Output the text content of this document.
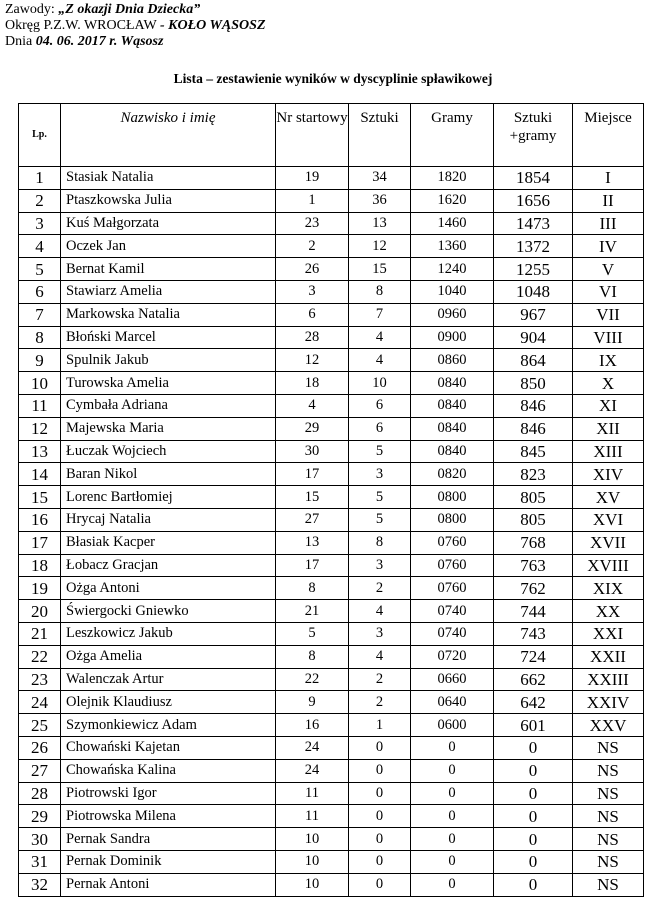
Zawody: „Z okazji Dnia Dziecka”
Okręg P.Z.W. WROCŁAW - KOŁO WĄSOSZ
Dnia 04. 06. 2017 r. Wąsosz
Lista – zestawienie wyników w dyscyplinie spławikowej
Lp.	Nazwisko i imię	Nr startowy	Sztuki	Gramy	Sztuki +gramy	Miejsce
1	Stasiak Natalia	19	34	1820	1854	I
2	Ptaszkowska Julia	1	36	1620	1656	II
3	Kuś Małgorzata	23	13	1460	1473	III
4	Oczek Jan	2	12	1360	1372	IV
5	Bernat Kamil	26	15	1240	1255	V
6	Stawiarz Amelia	3	8	1040	1048	VI
7	Markowska Natalia	6	7	0960	967	VII
8	Błoński Marcel	28	4	0900	904	VIII
9	Spulnik Jakub	12	4	0860	864	IX
10	Turowska Amelia	18	10	0840	850	X
11	Cymbała Adriana	4	6	0840	846	XI
12	Majewska Maria	29	6	0840	846	XII
13	Łuczak Wojciech	30	5	0840	845	XIII
14	Baran Nikol	17	3	0820	823	XIV
15	Lorenc Bartłomiej	15	5	0800	805	XV
16	Hrycaj Natalia	27	5	0800	805	XVI
17	Błasiak Kacper	13	8	0760	768	XVII
18	Łobacz Gracjan	17	3	0760	763	XVIII
19	Ożga Antoni	8	2	0760	762	XIX
20	Świergocki Gniewko	21	4	0740	744	XX
21	Leszkowicz Jakub	5	3	0740	743	XXI
22	Ożga Amelia	8	4	0720	724	XXII
23	Walenczak Artur	22	2	0660	662	XXIII
24	Olejnik Klaudiusz	9	2	0640	642	XXIV
25	Szymonkiewicz Adam	16	1	0600	601	XXV
26	Chowański Kajetan	24	0	0	0	NS
27	Chowańska Kalina	24	0	0	0	NS
28	Piotrowski Igor	11	0	0	0	NS
29	Piotrowska Milena	11	0	0	0	NS
30	Pernak Sandra	10	0	0	0	NS
31	Pernak Dominik	10	0	0	0	NS
32	Pernak Antoni	10	0	0	0	NS
